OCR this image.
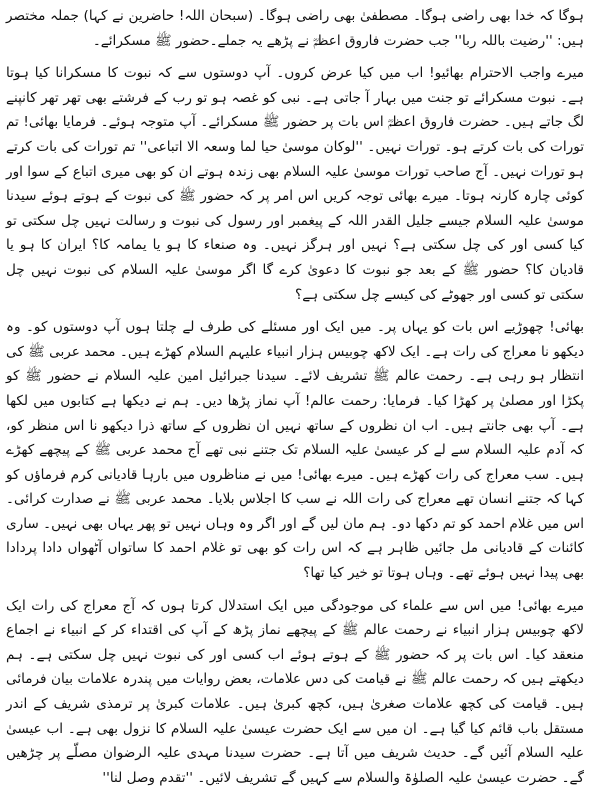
ہوگا کہ خدا بھی راضی ہوگا۔ مصطفیٰ بھی راضی ہوگا۔ (سبحان اللہ! حاضرین نے کہا) جملہ مختصر ہیں: ''رضیت باللہ ربا'' جب حضرت فاروق اعظمؓ نے پڑھے یہ جملے۔حضور ﷺ مسکرائے۔

میرے واجب الاحترام بھائیو! اب میں کیا عرض کروں۔ آپ دوستوں سے کہ نبوت کا مسکرانا کیا ہوتا ہے۔ نبوت مسکرائے تو جنت میں بہار آ جاتی ہے۔ نبی کو غصہ ہو تو رب کے فرشتے بھی تھر تھر کانپنے لگ جاتے ہیں۔ حضرت فاروق اعظمؓ اس بات پر حضور ﷺ مسکرائے۔ آپ متوجہ ہوئے۔ فرمایا بھائی! تم تورات کی بات کرتے ہو۔ تورات نہیں۔ ''لوکان موسیٰ حیا لما وسعہ الا اتباعی'' تم تورات کی بات کرتے ہو تورات نہیں۔ آج صاحب تورات موسیٰ علیہ السلام بھی زندہ ہوتے ان کو بھی میری اتباع کے سوا اور کوئی چارہ کارنہ ہوتا۔ میرے بھائی توجہ کریں اس امر پر کہ حضور ﷺ کی نبوت کے ہوتے ہوئے سیدنا موسیٰ علیہ السلام جیسے جلیل القدر اللہ کے پیغمبر اور رسول کی نبوت و رسالت نہیں چل سکتی تو کیا کسی اور کی چل سکتی ہے؟ نہیں اور ہرگز نہیں۔ وہ صنعاء کا ہو یا یمامہ کا؟ ایران کا ہو یا قادیان کا؟ حضور ﷺ کے بعد جو نبوت کا دعویٰ کرے گا اگر موسیٰ علیہ السلام کی نبوت نہیں چل سکتی تو کسی اور جھوٹے کی کیسے چل سکتی ہے؟

بھائی! چھوڑیے اس بات کو یہاں پر۔ میں ایک اور مسئلے کی طرف لے چلتا ہوں آپ دوستوں کو۔ وہ دیکھو نا معراج کی رات ہے۔ ایک لاکھ چوبیس ہزار انبیاء علیہم السلام کھڑے ہیں۔ محمد عربی ﷺ کی انتظار ہو رہی ہے۔ رحمت عالم ﷺ تشریف لائے۔ سیدنا جبرائیل امین علیہ السلام نے حضور ﷺ کو پکڑا اور مصلیٰ پر کھڑا کیا۔ فرمایا: رحمت عالم! آپ نماز پڑھا دیں۔ ہم نے دیکھا ہے کتابوں میں لکھا ہے۔ آپ بھی جانتے ہیں۔ اب ان نظروں کے ساتھ نہیں ان نظروں کے ساتھ ذرا دیکھو نا اس منظر کو، کہ آدم علیہ السلام سے لے کر عیسیٰ علیہ السلام تک جتنے نبی تھے آج محمد عربی ﷺ کے پیچھے کھڑے ہیں۔ سب معراج کی رات کھڑے ہیں۔ میرے بھائی! میں نے مناظروں میں بارہا قادیانی کرم فرماؤں کو کہا کہ جتنے انسان تھے معراج کی رات اللہ نے سب کا اجلاس بلایا۔ محمد عربی ﷺ نے صدارت کرائی۔ اس میں غلام احمد کو تم دکھا دو۔ ہم مان لیں گے اور اگر وہ وہاں نہیں تو پھر یہاں بھی نہیں۔ ساری کائنات کے قادیانی مل جائیں ظاہر ہے کہ اس رات کو بھی تو غلام احمد کا ساتواں آٹھواں دادا پردادا بھی پیدا نہیں ہوئے تھے۔ وہاں ہوتا تو خیر کیا تھا؟

میرے بھائی! میں اس سے علماء کی موجودگی میں ایک استدلال کرتا ہوں کہ آج معراج کی رات ایک لاکھ چوبیس ہزار انبیاء نے رحمت عالم ﷺ کے پیچھے نماز پڑھ کے آپ کی اقتداء کر کے انبیاء نے اجماع منعقد کیا۔ اس بات پر کہ حضور ﷺ کے ہوتے ہوئے اب کسی اور کی نبوت نہیں چل سکتی ہے۔ ہم دیکھتے ہیں کہ رحمت عالم ﷺ نے قیامت کی دس علامات، بعض روایات میں پندرہ علامات بیان فرمائی ہیں۔ قیامت کی کچھ علامات صغریٰ ہیں، کچھ کبریٰ ہیں۔ علامات کبریٰ پر ترمذی شریف کے اندر مستقل باب قائم کیا گیا ہے۔ ان میں سے ایک حضرت عیسیٰ علیہ السلام کا نزول بھی ہے۔ اب عیسیٰ علیہ السلام آئیں گے۔ حدیث شریف میں آتا ہے۔ حضرت سیدنا مہدی علیہ الرضوان مصلّے پر چڑھیں گے۔ حضرت عیسیٰ علیہ الصلوٰۃ والسلام سے کہیں گے تشریف لائیں۔ ''تقدم وصل لنا''
